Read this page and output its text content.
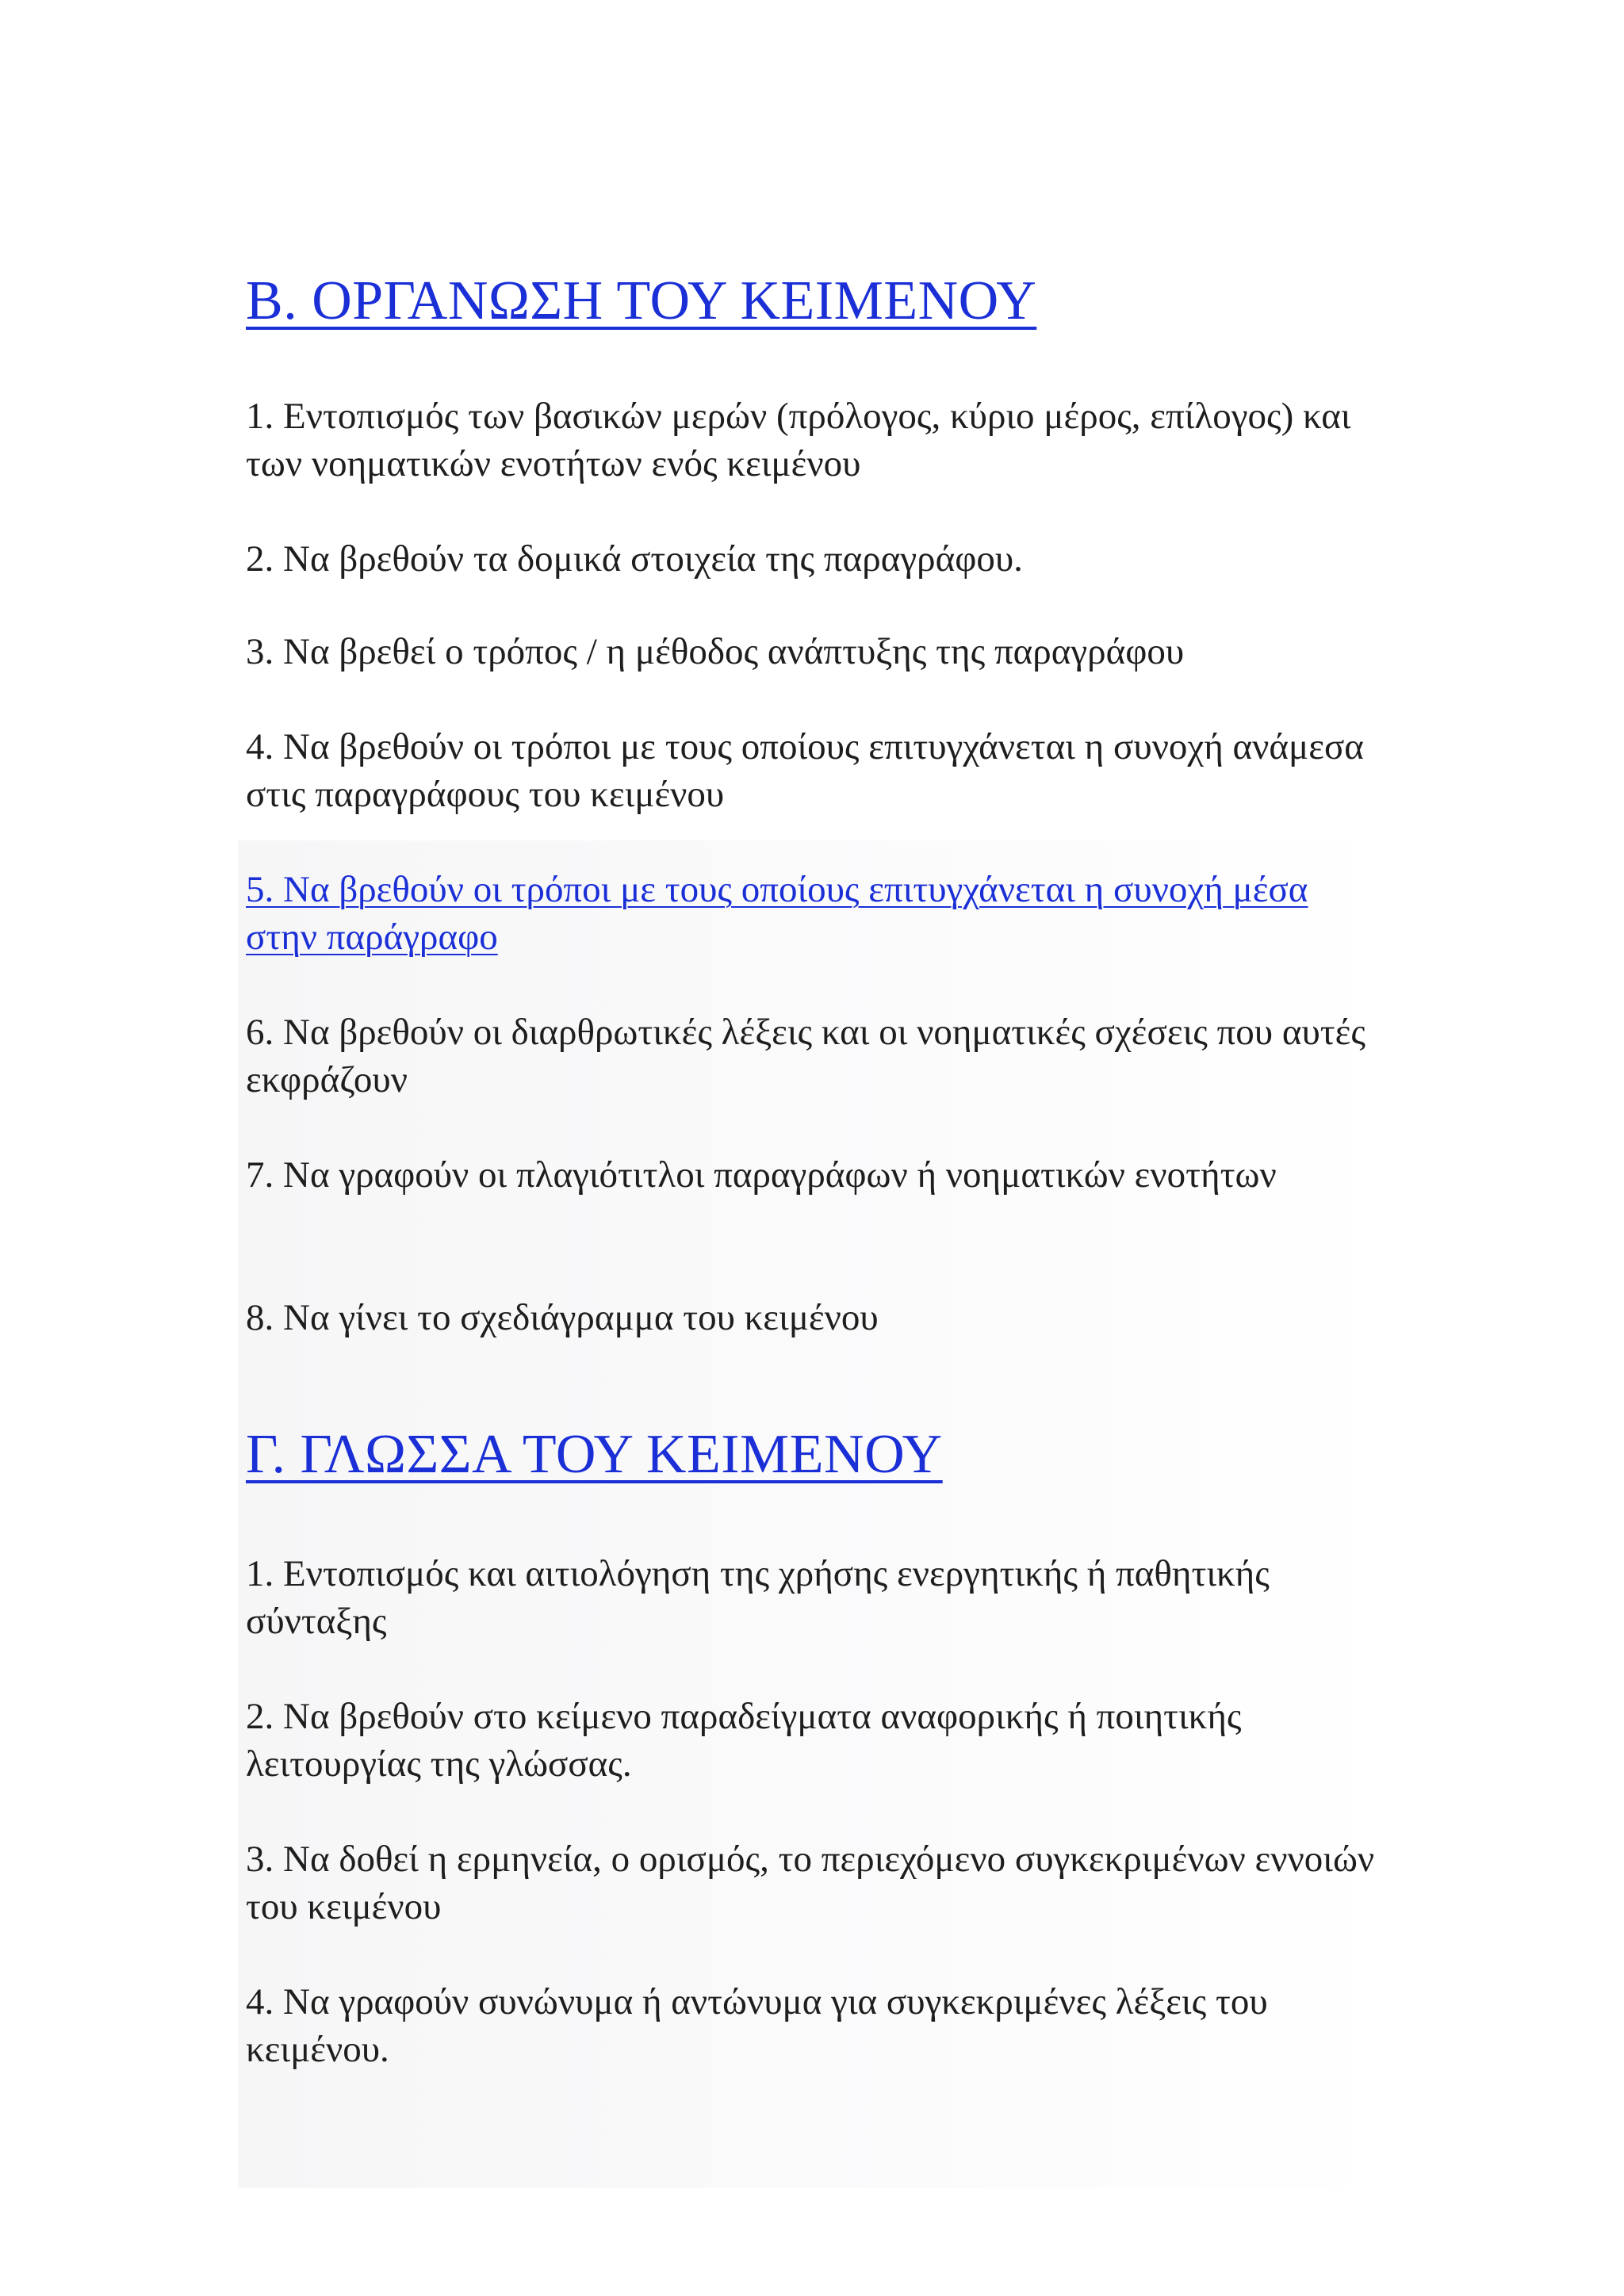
Β. ΟΡΓΑΝΩΣΗ ΤΟΥ ΚΕΙΜΕΝΟΥ

1. Εντοπισμός των βασικών μερών (πρόλογος, κύριο μέρος, επίλογος) και των νοηματικών ενοτήτων ενός κειμένου

2. Να βρεθούν τα δομικά στοιχεία της παραγράφου.

3. Να βρεθεί ο τρόπος / η μέθοδος ανάπτυξης της παραγράφου

4. Να βρεθούν οι τρόποι με τους οποίους επιτυγχάνεται η συνοχή ανάμεσα στις παραγράφους του κειμένου

5. Να βρεθούν οι τρόποι με τους οποίους επιτυγχάνεται η συνοχή μέσα στην παράγραφο

6. Να βρεθούν οι διαρθρωτικές λέξεις και οι νοηματικές σχέσεις που αυτές εκφράζουν

7. Να γραφούν οι πλαγιότιτλοι παραγράφων ή νοηματικών ενοτήτων

8. Να γίνει το σχεδιάγραμμα του κειμένου

Γ. ΓΛΩΣΣΑ ΤΟΥ ΚΕΙΜΕΝΟΥ

1. Εντοπισμός και αιτιολόγηση της χρήσης ενεργητικής ή παθητικής σύνταξης

2. Να βρεθούν στο κείμενο παραδείγματα αναφορικής ή ποιητικής λειτουργίας της γλώσσας.

3. Να δοθεί η ερμηνεία, ο ορισμός, το περιεχόμενο συγκεκριμένων εννοιών του κειμένου

4. Να γραφούν συνώνυμα ή αντώνυμα για συγκεκριμένες λέξεις του κειμένου.
